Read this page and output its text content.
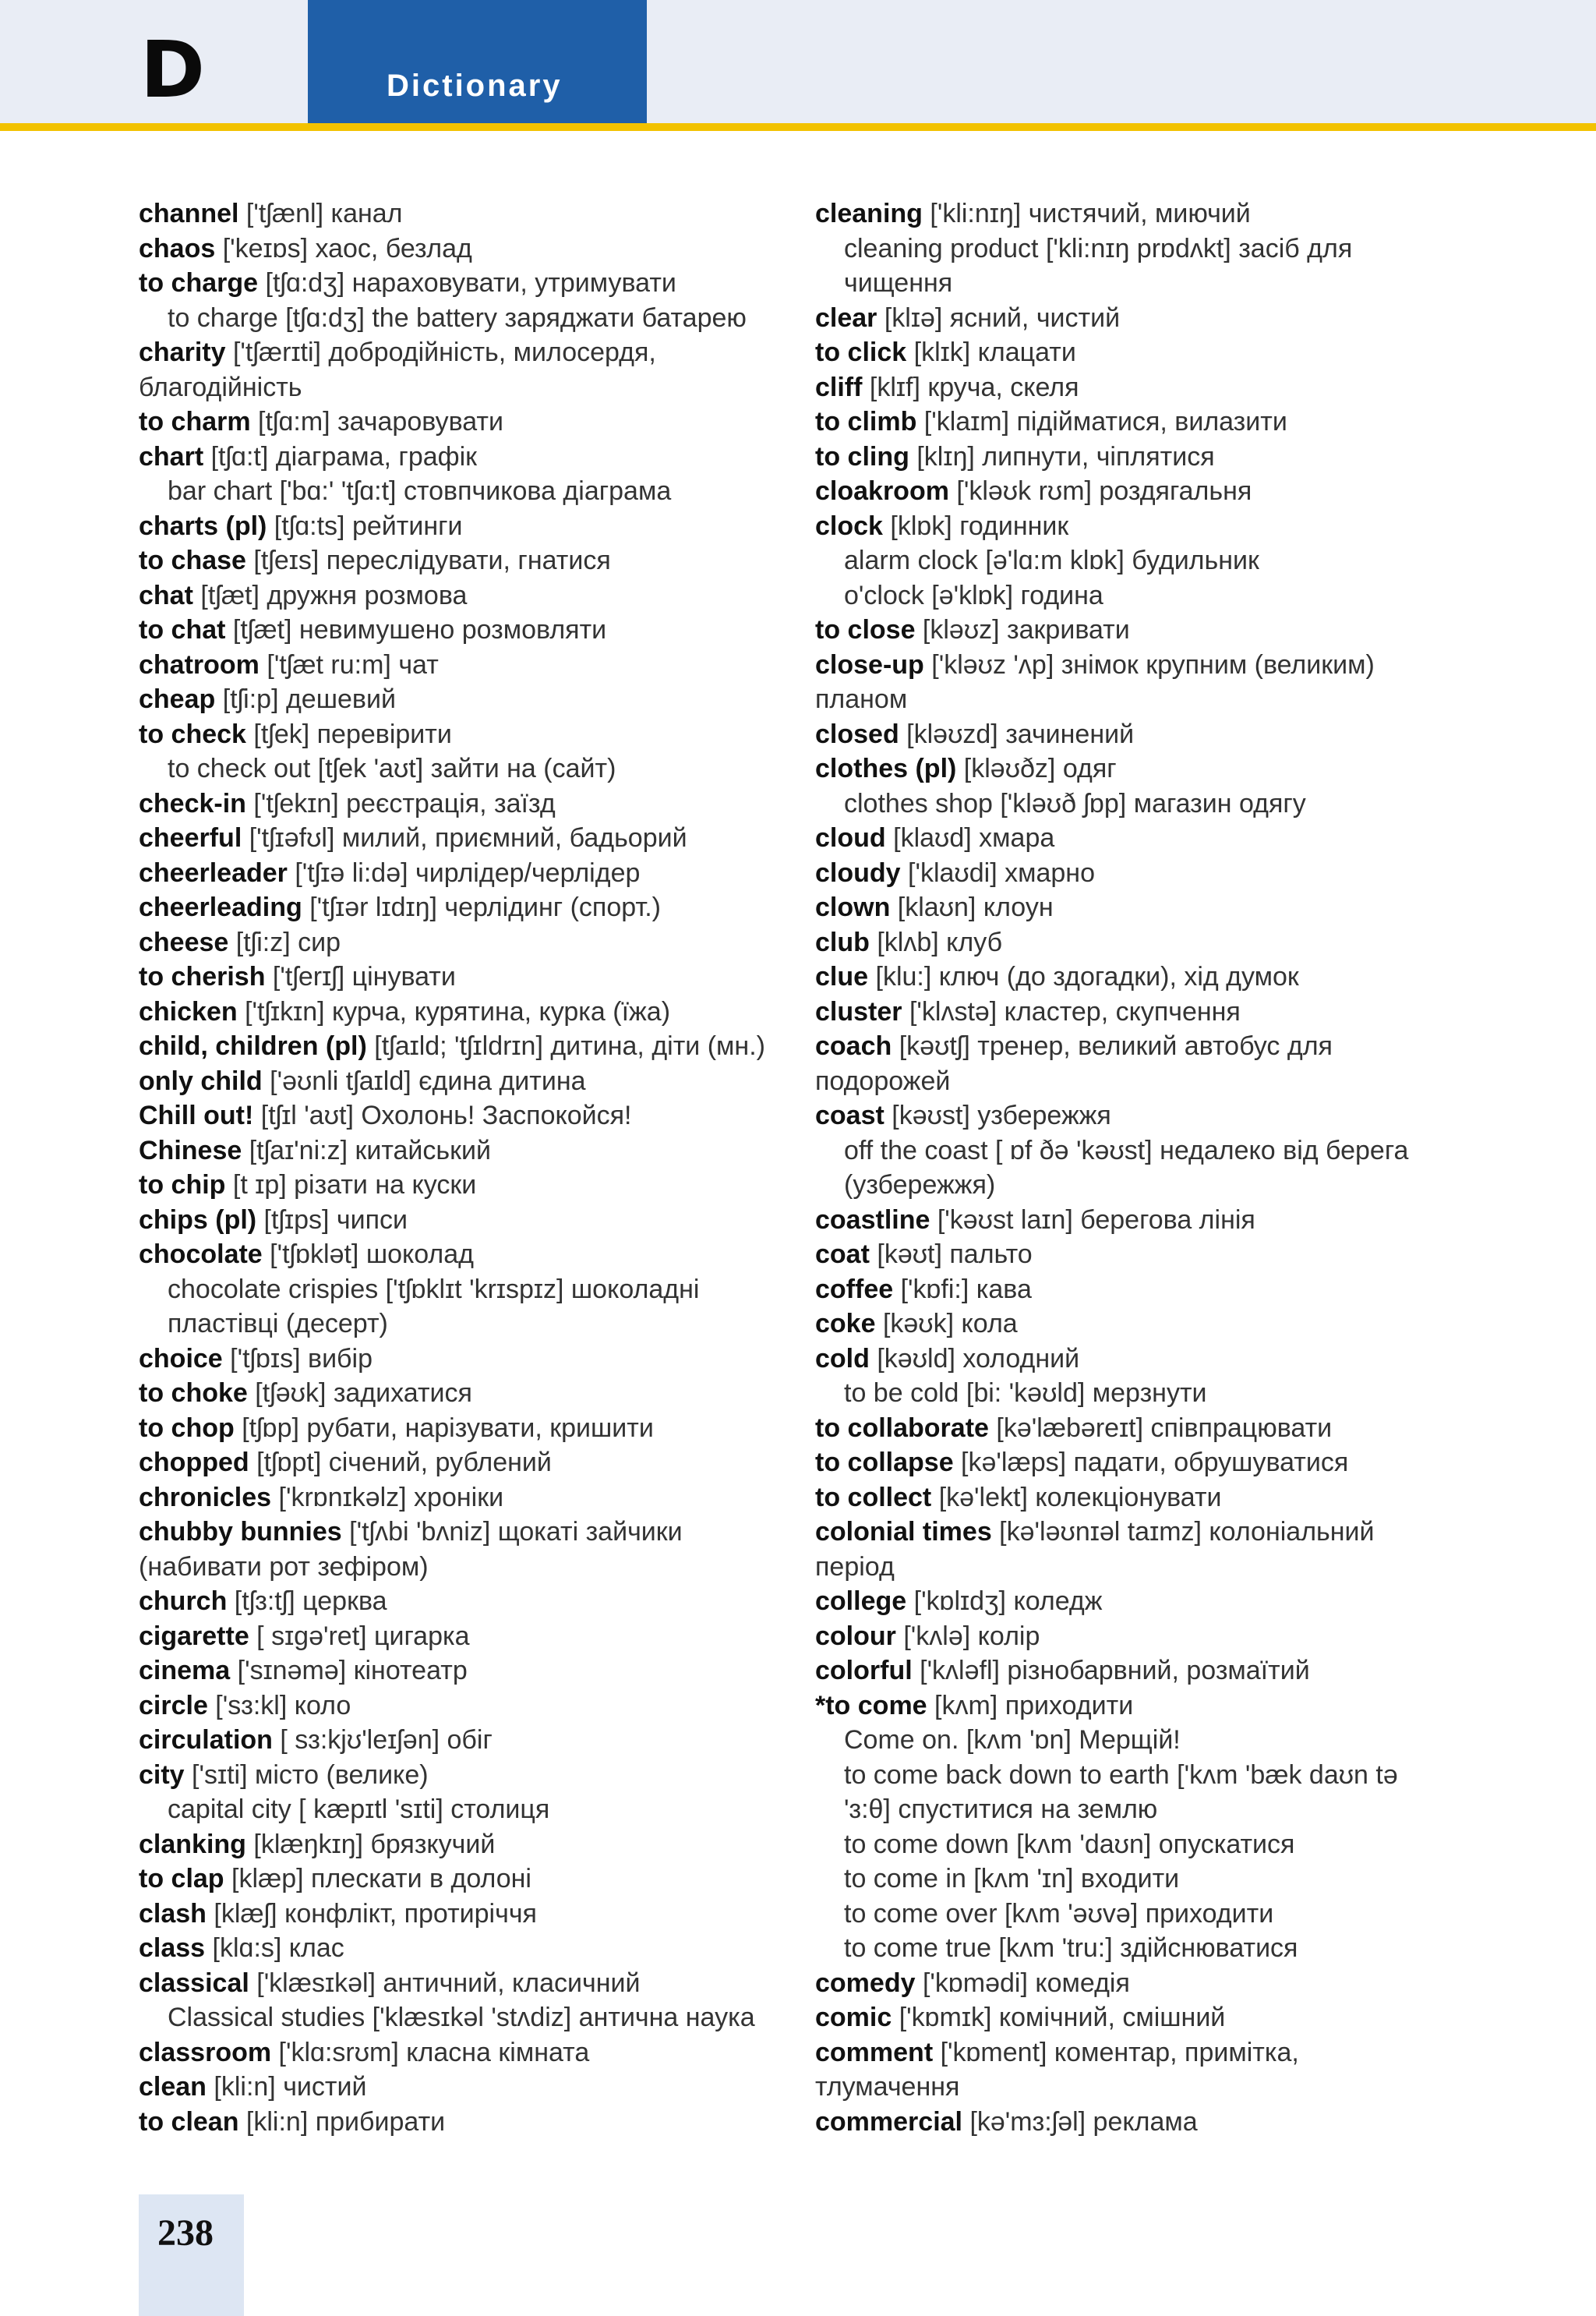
D	Dictionary
channel ['tʃænl] канал
chaos ['keɪɒs] хаос, безлад
to charge [tʃɑ:dʒ] нараховувати, утримувати
to charge [tʃɑ:dʒ] the battery заряджати батарею
charity ['tʃærɪti] добродійність, милосердя,
благодійність
to charm [tʃɑ:m] зачаровувати
chart [tʃɑ:t] діаграма, графік
bar chart ['bɑ:' 'tʃɑ:t] стовпчикова діаграма
charts (pl) [tʃɑ:ts] рейтинги
to chase [tʃeɪs] переслідувати, гнатися
chat [tʃæt] дружня розмова
to chat [tʃæt] невимушено розмовляти
chatroom ['tʃæt ru:m] чат
cheap [tʃi:p] дешевий
to check [tʃek] перевірити
to check out [tʃek 'aʊt] зайти на (сайт)
check-in ['tʃekɪn] реєстрація, заїзд
cheerful ['tʃɪəfʊl] милий, приємний, бадьорий
cheerleader ['tʃɪə li:də] чирлідер/черлідер
cheerleading ['tʃɪər lɪdɪŋ] черлідинг (спорт.)
cheese [tʃi:z] сир
to cherish ['tʃerɪʃ] цінувати
chicken ['tʃɪkɪn] курча, курятина, курка (їжа)
child, children (pl) [tʃaɪld; 'tʃɪldrɪn] дитина, діти (мн.)
only child ['əʊnli tʃaɪld] єдина дитина
Chill out! [tʃɪl 'aʊt] Охолонь! Заспокойся!
Chinese [tʃaɪ'ni:z] китайський
to chip [t ɪp] різати на куски
chips (pl) [tʃɪps] чипси
chocolate ['tʃɒklət] шоколад
chocolate crispies ['tʃɒklɪt 'krɪspɪz] шоколадні
пластівці (десерт)
choice ['tʃɒɪs] вибір
to choke [tʃəʊk] задихатися
to chop [tʃɒp] рубати, нарізувати, кришити
chopped [tʃɒpt] січений, рублений
chronicles ['krɒnɪkəlz] хроніки
chubby bunnies ['tʃʌbi 'bʌniz] щокаті зайчики
(набивати рот зефіром)
church [tʃɜ:tʃ] церква
cigarette [ sɪgə'ret] цигарка
cinema ['sɪnəmə] кінотеатр
circle ['sɜ:kl] коло
circulation [ sɜ:kjʊ'leɪʃən] обіг
city ['sɪti] місто (велике)
capital city [ kæpɪtl 'sɪti] столиця
clanking [klæŋkɪŋ] брязкучий
to clap [klæp] плескати в долоні
clash [klæʃ] конфлікт, протиріччя
class [klɑ:s] клас
classical ['klæsɪkəl] античний, класичний
Classical studies ['klæsɪkəl 'stʌdiz] антична наука
classroom ['klɑ:srʊm] класна кімната
clean [kli:n] чистий
to clean [kli:n] прибирати
cleaning ['kli:nɪŋ] чистячий, миючий
cleaning product ['kli:nɪŋ prɒdʌkt] засіб для
чищення
clear [klɪə] ясний, чистий
to click [klɪk] клацати
cliff [klɪf] круча, скеля
to climb ['klaɪm] підійматися, вилазити
to cling [klɪŋ] липнути, чіплятися
cloakroom ['kləʊk rʊm] роздягальня
clock [klɒk] годинник
alarm clock [ə'lɑ:m klɒk] будильник
o'clock [ə'klɒk] година
to close [kləʊz] закривати
close-up ['kləʊz 'ʌp] знімок крупним (великим)
планом
closed [kləʊzd] зачинений
clothes (pl) [kləʊðz] одяг
clothes shop ['kləʊð ʃɒp] магазин одягу
cloud [klaʊd] хмара
cloudy ['klaʊdi] хмарно
clown [klaʊn] клоун
club [klʌb] клуб
clue [klu:] ключ (до здогадки), хід думок
cluster ['klʌstə] кластер, скупчення
coach [kəʊtʃ] тренер, великий автобус для
подорожей
coast [kəʊst] узбережжя
off the coast [ ɒf ðə 'kəʊst] недалеко від берега
(узбережжя)
coastline ['kəʊst laɪn] берегова лінія
coat [kəʊt] пальто
coffee ['kɒfi:] кава
coke [kəʊk] кола
cold [kəʊld] холодний
to be cold [bi: 'kəʊld] мерзнути
to collaborate [kə'læbəreɪt] співпрацювати
to collapse [kə'læps] падати, обрушуватися
to collect [kə'lekt] колекціонувати
colonial times [kə'ləʊnɪəl taɪmz] колоніальний
період
college ['kɒlɪdʒ] коледж
colour ['kʌlə] колір
colorful ['kʌləfl] різнобарвний, розмаїтий
*to come [kʌm] приходити
Come on. [kʌm 'ɒn] Мерщій!
to come back down to earth ['kʌm 'bæk daʊn tə
'ɜ:θ] спуститися на землю
to come down [kʌm 'daʊn] опускатися
to come in [kʌm 'ɪn] входити
to come over [kʌm 'əʊvə] приходити
to come true [kʌm 'tru:] здійснюватися
comedy ['kɒmədi] комедія
comic ['kɒmɪk] комічний, смішний
comment ['kɒment] коментар, примітка,
тлумачення
commercial [kə'mɜ:ʃəl] реклама
238
